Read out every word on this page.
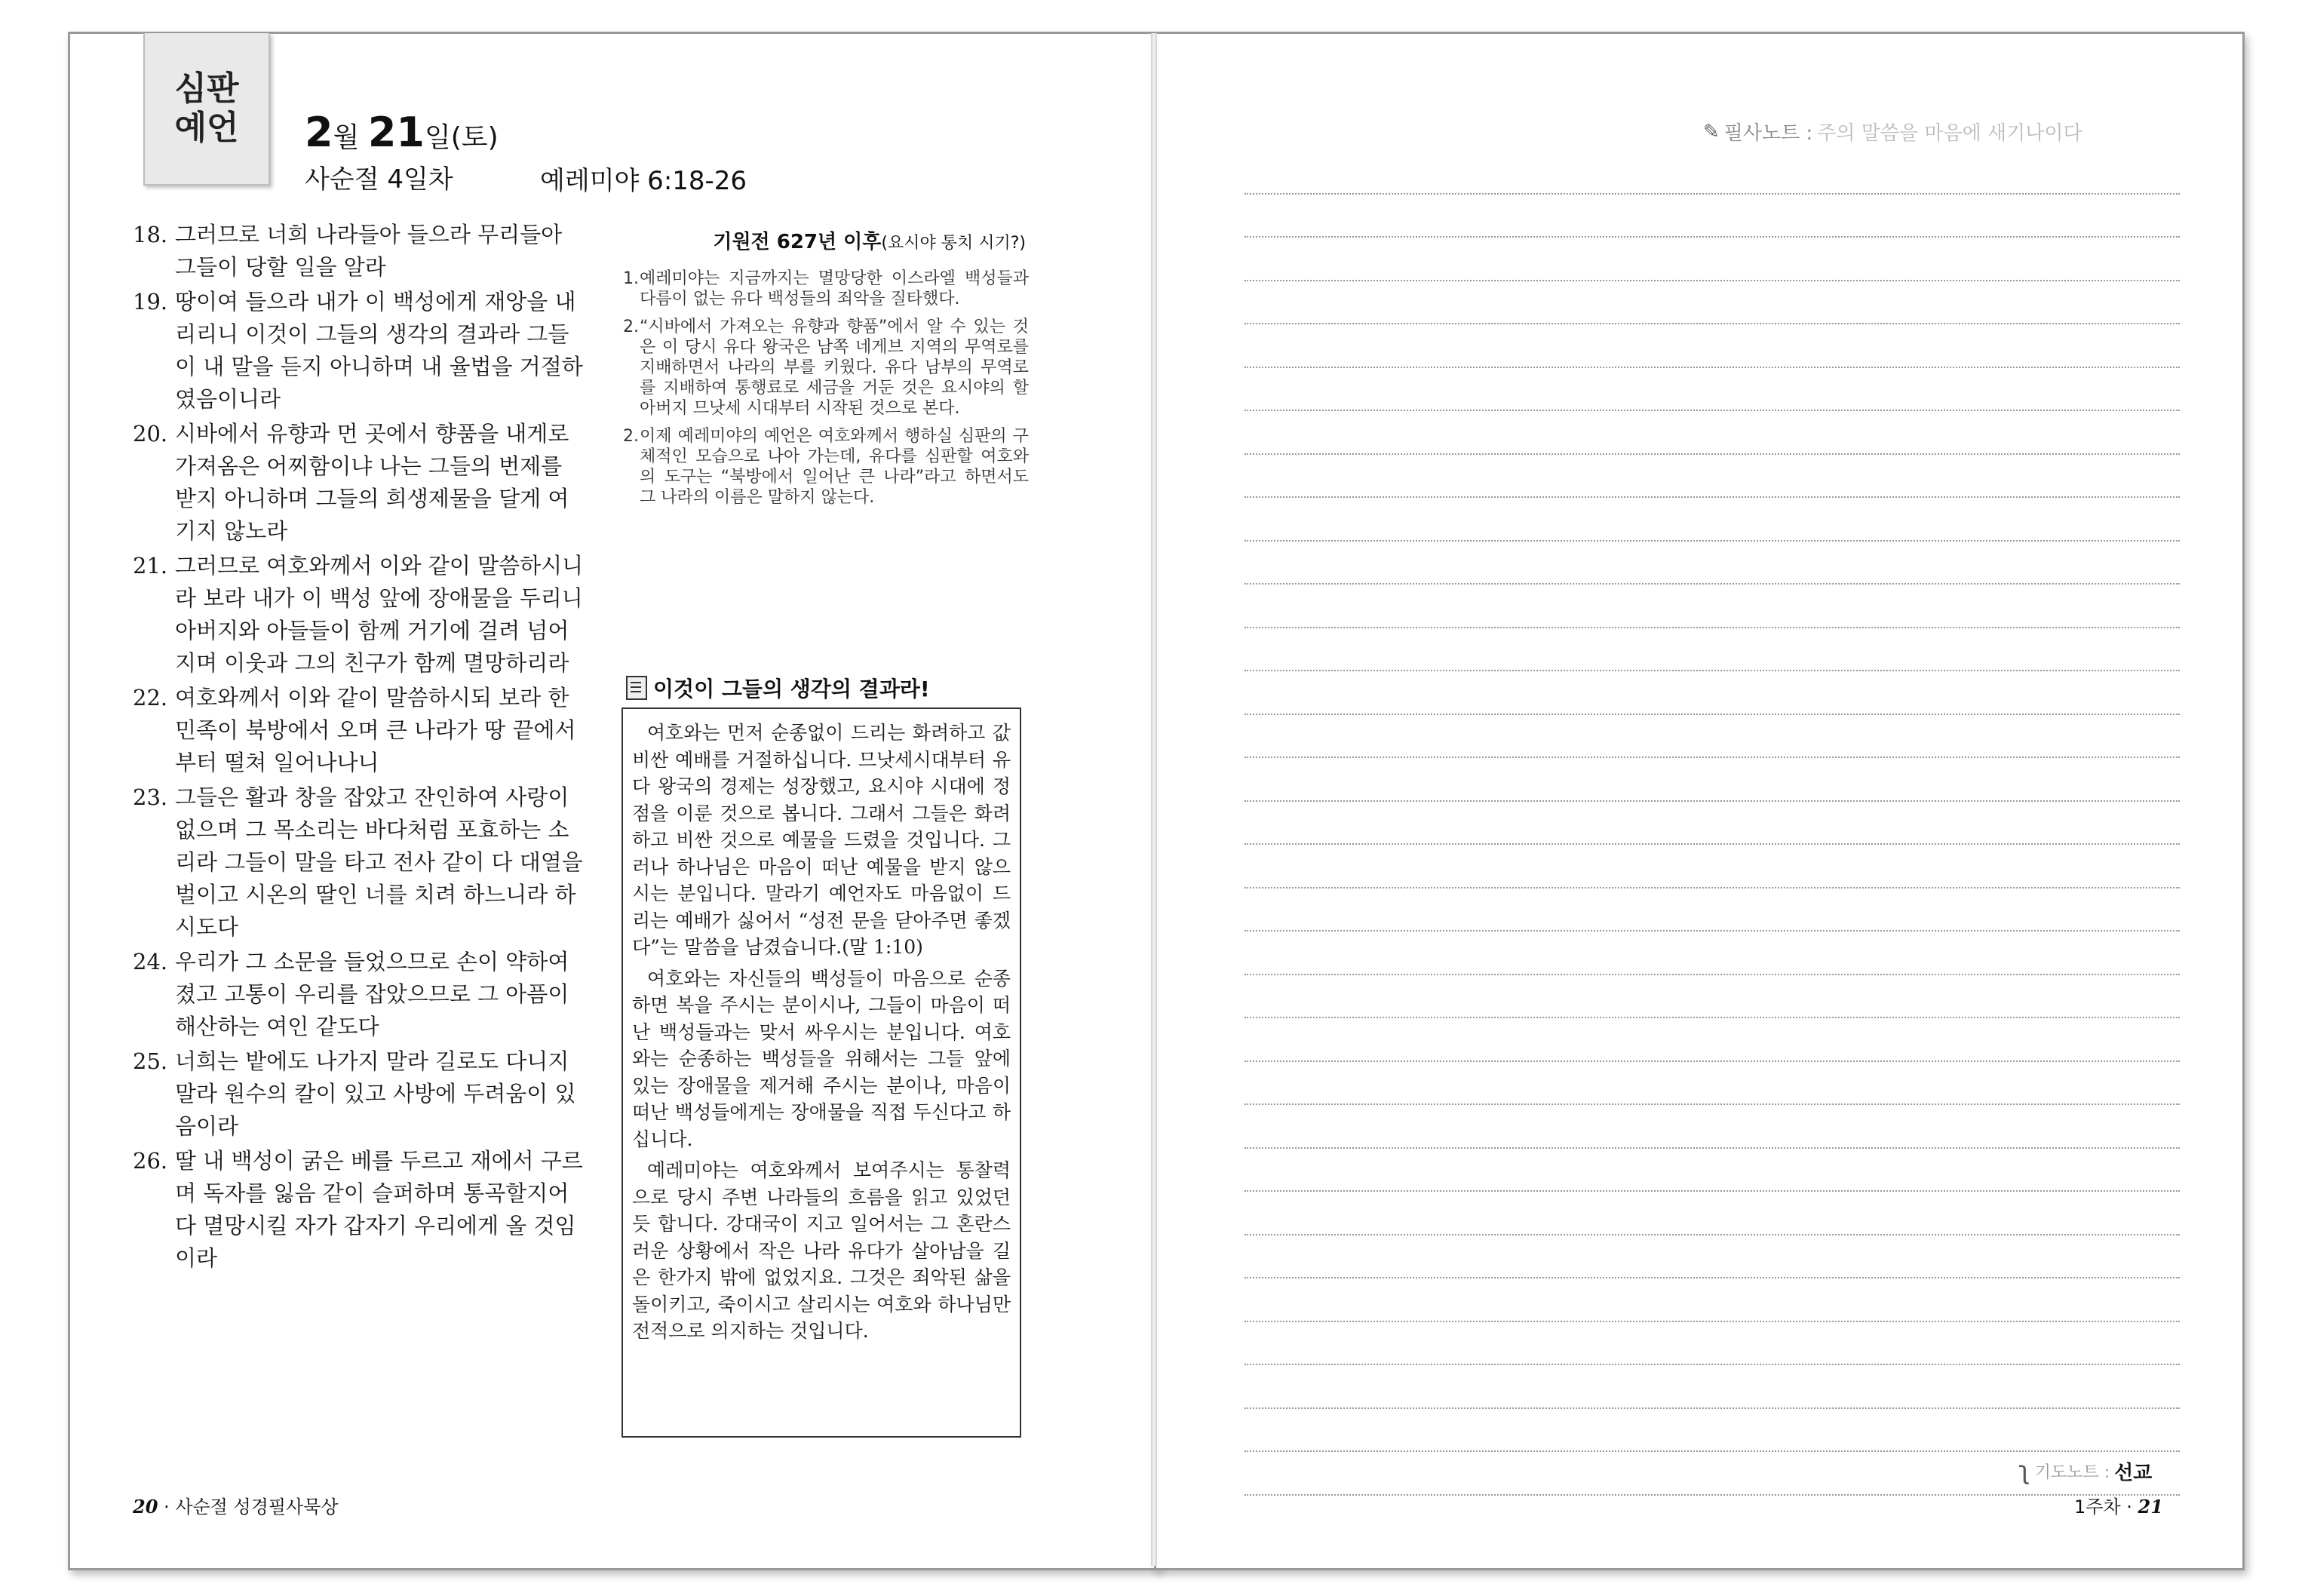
심판
예언 2월 21일(토)
사순절 4일차	예레미야 6:18-26
18. 그러므로 너희 나라들아 들으라 무리들아 그들이 당할 일을 알라
19. 땅이여 들으라 내가 이 백성에게 재앙을 내리리니 이것이 그들의 생각의 결과라 그들이 내 말을 듣지 아니하며 내 율법을 거절하였음이니라
20. 시바에서 유향과 먼 곳에서 향품을 내게로 가져옴은 어찌함이냐 나는 그들의 번제를 받지 아니하며 그들의 희생제물을 달게 여기지 않노라
21. 그러므로 여호와께서 이와 같이 말씀하시니라 보라 내가 이 백성 앞에 장애물을 두리니 아버지와 아들들이 함께 거기에 걸려 넘어지며 이웃과 그의 친구가 함께 멸망하리라
22. 여호와께서 이와 같이 말씀하시되 보라 한 민족이 북방에서 오며 큰 나라가 땅 끝에서부터 떨쳐 일어나나니
23. 그들은 활과 창을 잡았고 잔인하여 사랑이 없으며 그 목소리는 바다처럼 포효하는 소리라 그들이 말을 타고 전사 같이 다 대열을 벌이고 시온의 딸인 너를 치려 하느니라 하시도다
24. 우리가 그 소문을 들었으므로 손이 약하여졌고 고통이 우리를 잡았으므로 그 아픔이 해산하는 여인 같도다
25. 너희는 밭에도 나가지 말라 길로도 다니지 말라 원수의 칼이 있고 사방에 두려움이 있음이라
26. 딸 내 백성이 굵은 베를 두르고 재에서 구르며 독자를 잃음 같이 슬퍼하며 통곡할지어다 멸망시킬 자가 갑자기 우리에게 올 것임이라
기원전 627년 이후(요시야 통치 시기?)
1. 예레미야는 지금까지는 멸망당한 이스라엘 백성들과 다름이 없는 유다 백성들의 죄악을 질타했다.
2. “시바에서 가져오는 유향과 향품”에서 알 수 있는 것은 이 당시 유다 왕국은 남쪽 네게브 지역의 무역로를 지배하면서 나라의 부를 키웠다. 유다 남부의 무역로를 지배하여 통행료로 세금을 거둔 것은 요시야의 할아버지 므낫세 시대부터 시작된 것으로 본다.
2. 이제 예레미야의 예언은 여호와께서 행하실 심판의 구체적인 모습으로 나아 가는데, 유다를 심판할 여호와의 도구는 “북방에서 일어난 큰 나라”라고 하면서도 그 나라의 이름은 말하지 않는다.
이것이 그들의 생각의 결과라!

여호와는 먼저 순종없이 드리는 화려하고 값비싼 예배를 거절하십니다. 므낫세시대부터 유다 왕국의 경제는 성장했고, 요시야 시대에 정점을 이룬 것으로 봅니다. 그래서 그들은 화려하고 비싼 것으로 예물을 드렸을 것입니다. 그러나 하나님은 마음이 떠난 예물을 받지 않으시는 분입니다. 말라기 예언자도 마음없이 드리는 예배가 싫어서 “성전 문을 닫아주면 좋겠다”는 말씀을 남겼습니다.(말 1:10)

여호와는 자신들의 백성들이 마음으로 순종하면 복을 주시는 분이시나, 그들이 마음이 떠난 백성들과는 맞서 싸우시는 분입니다. 여호와는 순종하는 백성들을 위해서는 그들 앞에 있는 장애물을 제거해 주시는 분이나, 마음이 떠난 백성들에게는 장애물을 직접 두신다고 하십니다.

예레미야는 여호와께서 보여주시는 통찰력으로 당시 주변 나라들의 흐름을 읽고 있었던듯 합니다. 강대국이 지고 일어서는 그 혼란스러운 상황에서 작은 나라 유다가 살아남을 길은 한가지 밖에 없었지요. 그것은 죄악된 삶을 돌이키고, 죽이시고 살리시는 여호와 하나님만 전적으로 의지하는 것입니다.

20 · 사순절 성경필사묵상
✎ 필사노트 : 주의 말씀을 마음에 새기나이다
ʅ 기도노트 : 선교
1주차 · 21
